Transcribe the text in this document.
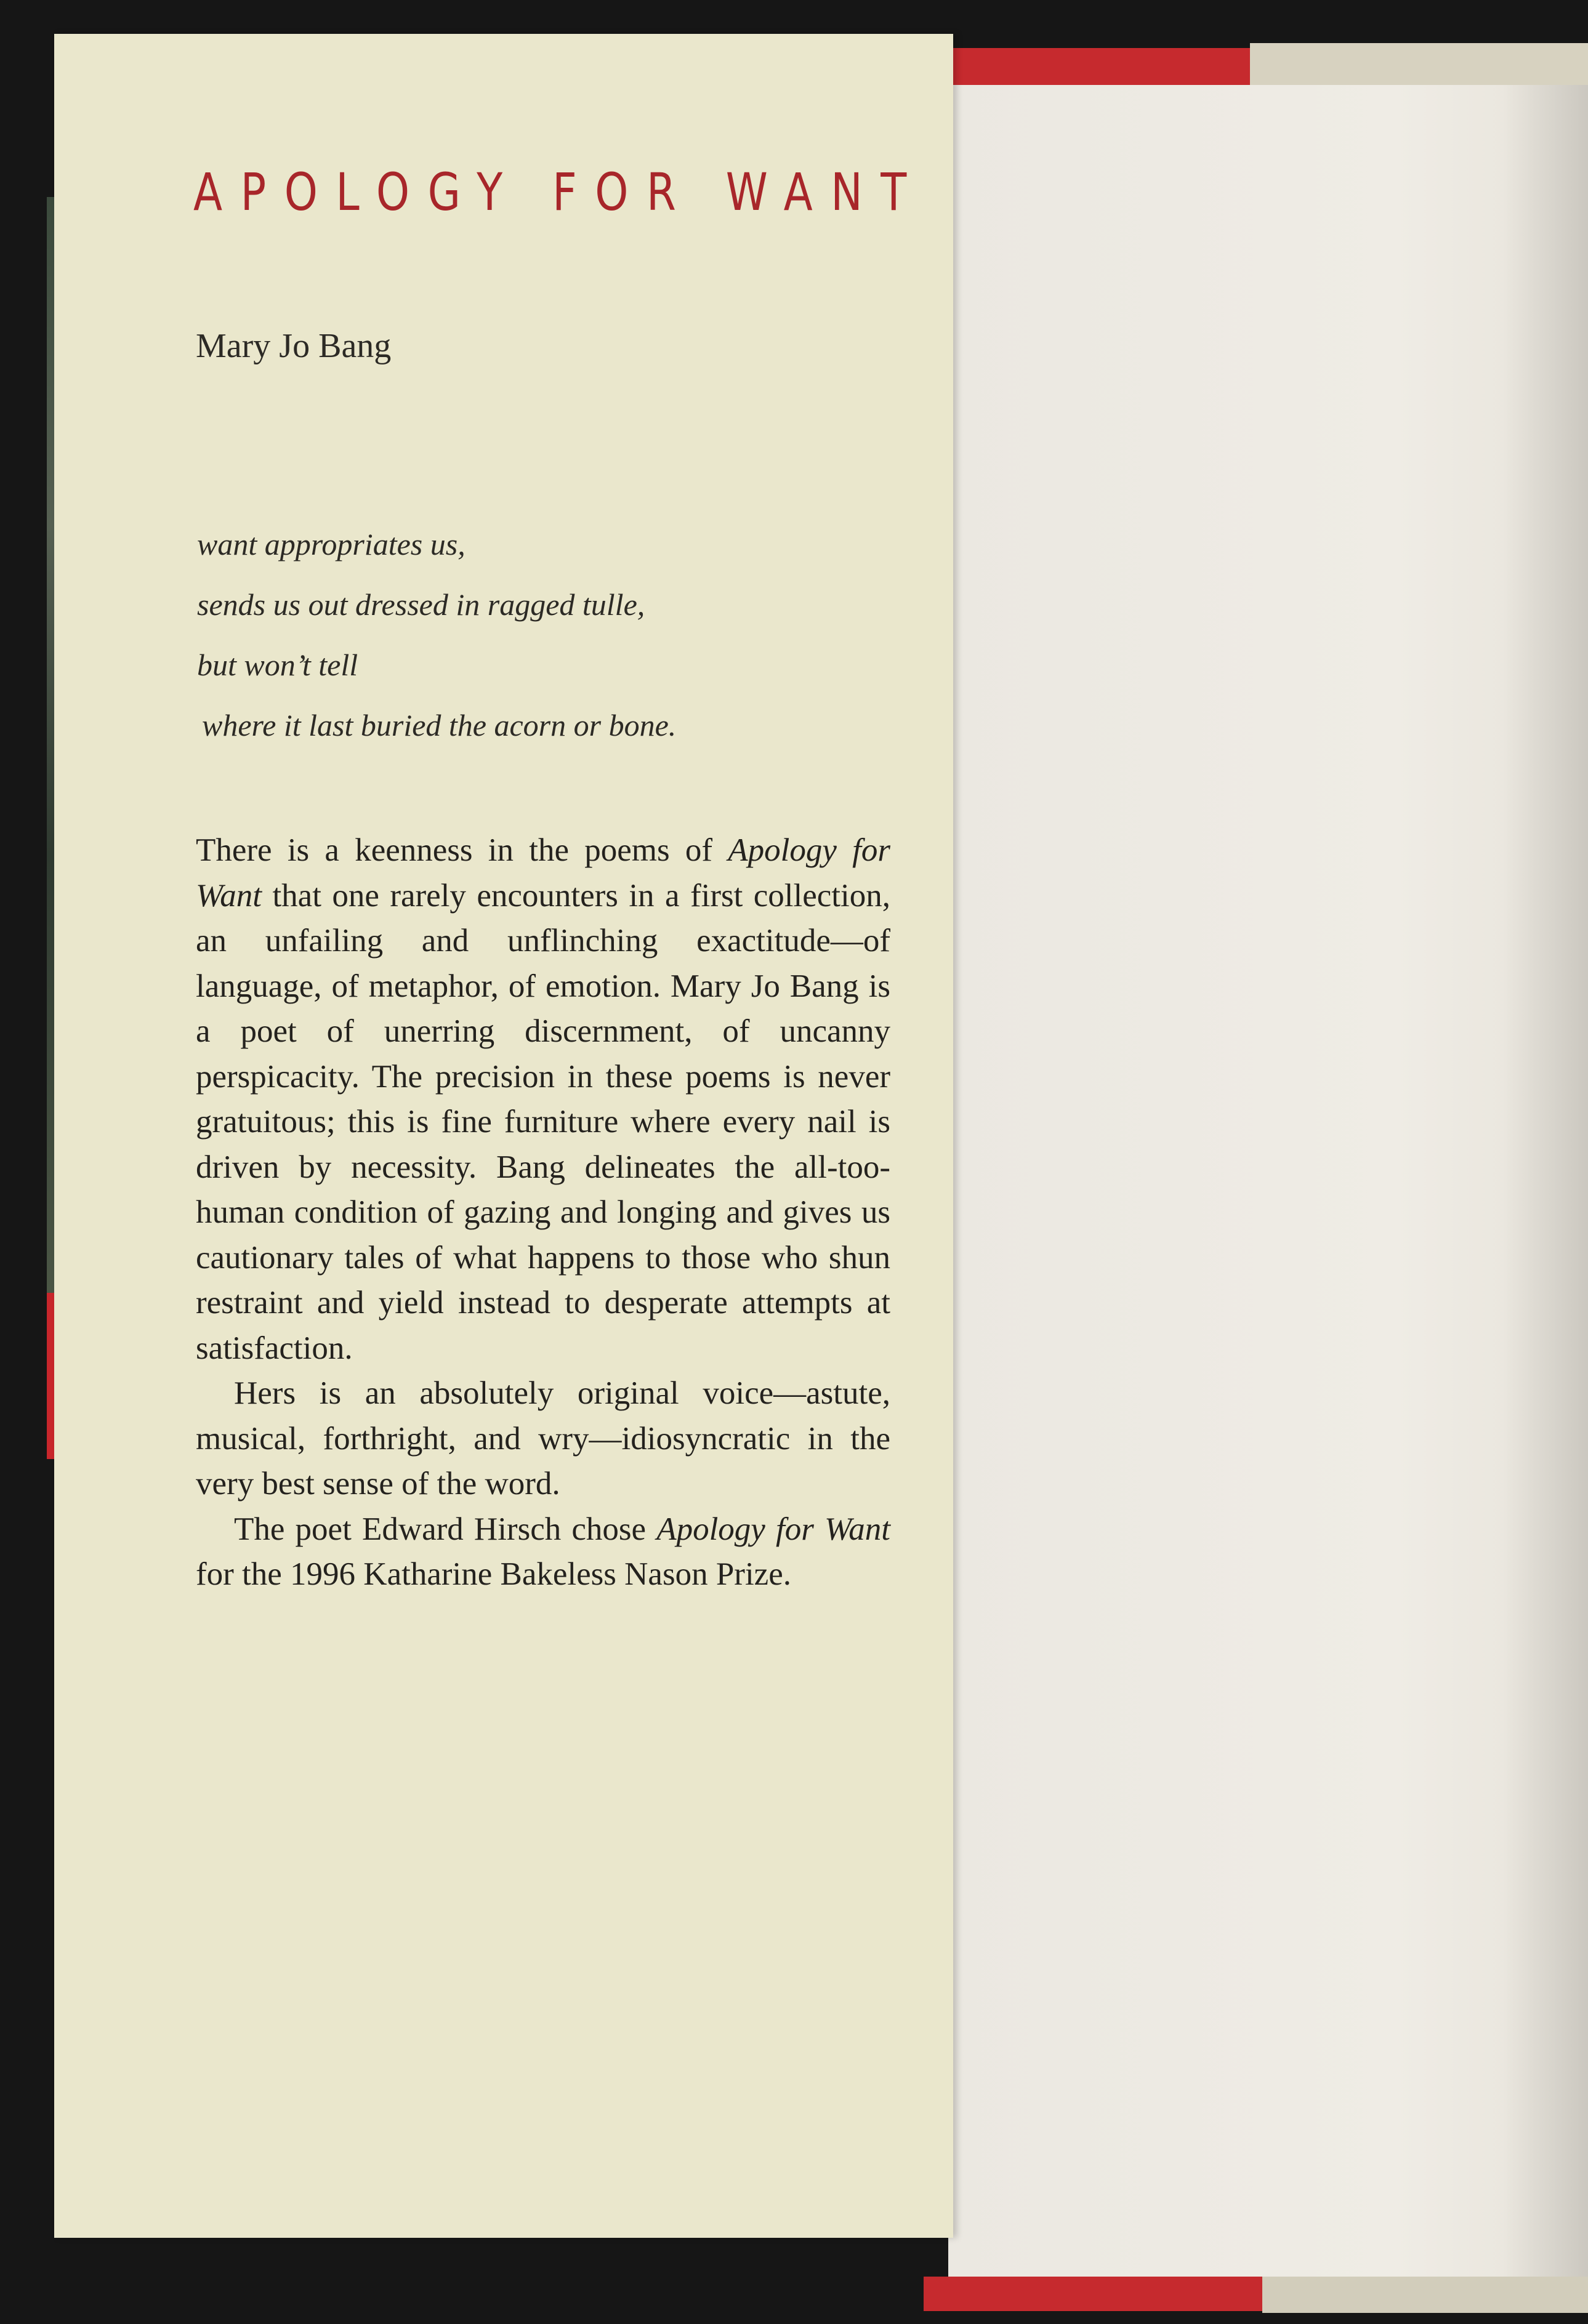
APOLOGY FOR WANT
Mary Jo Bang
want appropriates us,
sends us out dressed in ragged tulle,
but won’t tell
where it last buried the acorn or bone.

There is a keenness in the poems of Apology for Want that one rarely encounters in a first collection, an unfailing and unflinching exactitude—of language, of metaphor, of emotion. Mary Jo Bang is a poet of unerring discernment, of uncanny perspicacity. The precision in these poems is never gratuitous; this is fine furniture where every nail is driven by necessity. Bang delineates the all-too-human condition of gazing and longing and gives us cautionary tales of what happens to those who shun restraint and yield instead to desperate attempts at satisfaction.

Hers is an absolutely original voice—astute, musical, forthright, and wry—idiosyncratic in the very best sense of the word.

The poet Edward Hirsch chose Apology for Want for the 1996 Katharine Bakeless Nason Prize.
